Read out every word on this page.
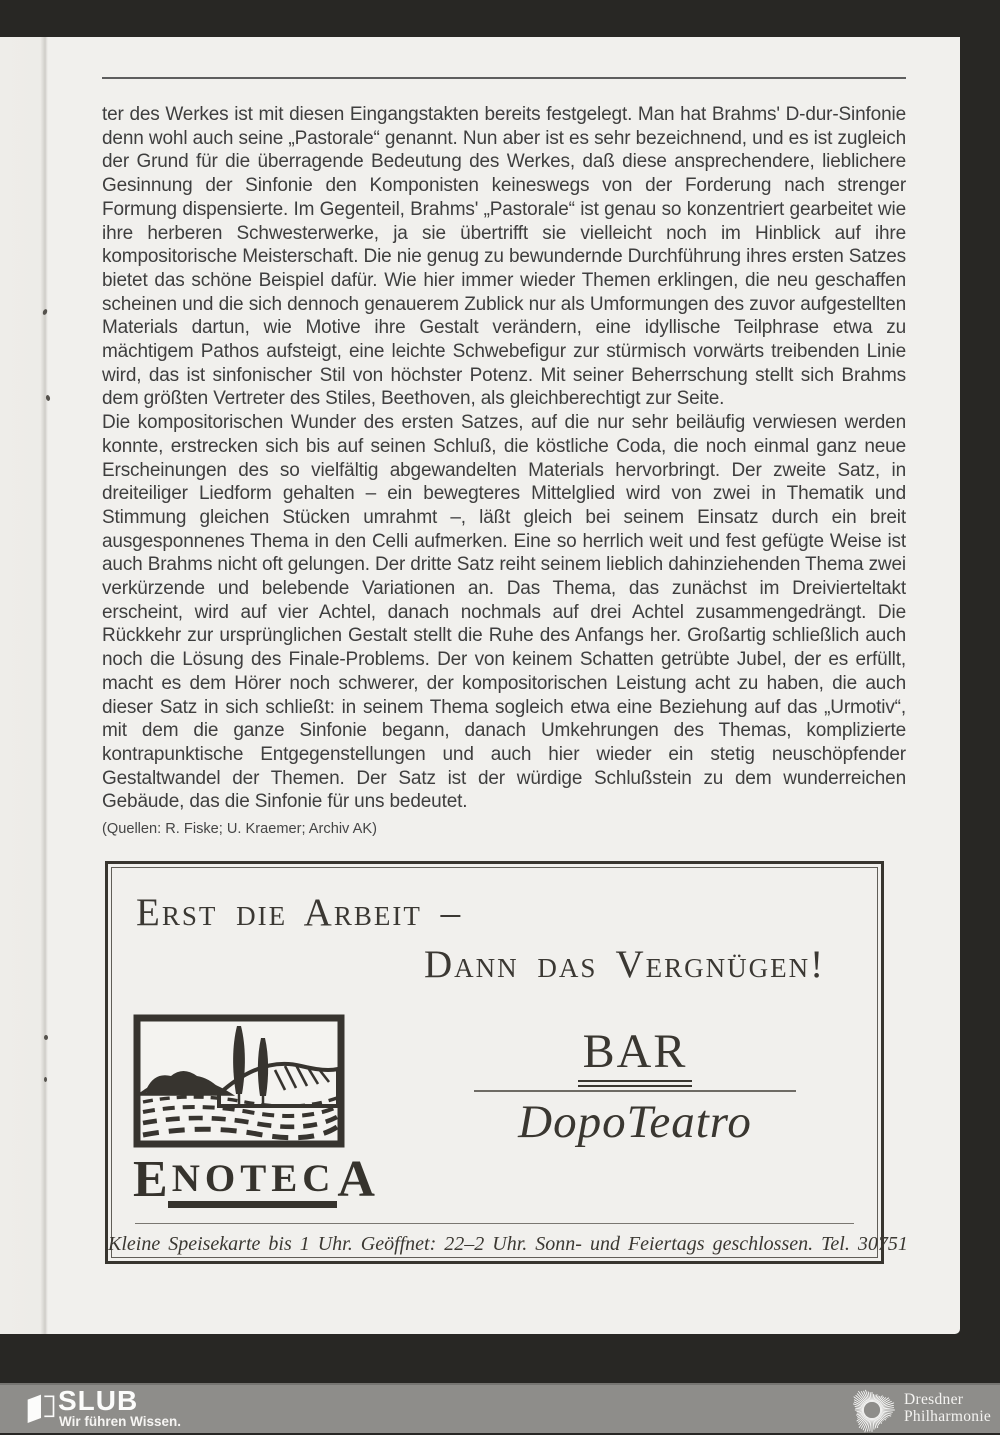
ter des Werkes ist mit diesen Eingangstakten bereits festgelegt. Man hat Brahms' D-dur-Sinfonie denn wohl auch seine „Pastorale“ genannt. Nun aber ist es sehr bezeichnend, und es ist zugleich der Grund für die überragende Bedeutung des Werkes, daß diese ansprechendere, lieblichere Gesinnung der Sinfonie den Komponisten keineswegs von der Forderung nach strenger Formung dispensierte. Im Gegenteil, Brahms' „Pastorale“ ist genau so konzentriert gearbeitet wie ihre herberen Schwesterwerke, ja sie übertrifft sie vielleicht noch im Hinblick auf ihre kompositorische Meisterschaft. Die nie genug zu bewundernde Durchführung ihres ersten Satzes bietet das schöne Beispiel dafür. Wie hier immer wieder Themen erklingen, die neu geschaffen scheinen und die sich dennoch genauerem Zublick nur als Umformungen des zuvor aufgestellten Materials dartun, wie Motive ihre Gestalt verändern, eine idyllische Teilphrase etwa zu mächtigem Pathos aufsteigt, eine leichte Schwebefigur zur stürmisch vorwärts treibenden Linie wird, das ist sinfonischer Stil von höchster Potenz. Mit seiner Beherrschung stellt sich Brahms dem größten Vertreter des Stiles, Beethoven, als gleichberechtigt zur Seite.

Die kompositorischen Wunder des ersten Satzes, auf die nur sehr beiläufig verwiesen werden konnte, erstrecken sich bis auf seinen Schluß, die köstliche Coda, die noch einmal ganz neue Erscheinungen des so vielfältig abgewandelten Materials hervorbringt. Der zweite Satz, in dreiteiliger Liedform gehalten – ein bewegteres Mittelglied wird von zwei in Thematik und Stimmung gleichen Stücken umrahmt –, läßt gleich bei seinem Einsatz durch ein breit ausgesponnenes Thema in den Celli aufmerken. Eine so herrlich weit und fest gefügte Weise ist auch Brahms nicht oft gelungen. Der dritte Satz reiht seinem lieblich dahinziehenden Thema zwei verkürzende und belebende Variationen an. Das Thema, das zunächst im Dreivierteltakt erscheint, wird auf vier Achtel, danach nochmals auf drei Achtel zusammengedrängt. Die Rückkehr zur ursprünglichen Gestalt stellt die Ruhe des Anfangs her. Großartig schließlich auch noch die Lösung des Finale-Problems. Der von keinem Schatten getrübte Jubel, der es erfüllt, macht es dem Hörer noch schwerer, der kompositorischen Leistung acht zu haben, die auch dieser Satz in sich schließt: in seinem Thema sogleich etwa eine Beziehung auf das „Urmotiv“, mit dem die ganze Sinfonie begann, danach Umkehrungen des Themas, komplizierte kontrapunktische Entgegenstellungen und auch hier wieder ein stetig neuschöpfender Gestaltwandel der Themen. Der Satz ist der würdige Schlußstein zu dem wunderreichen Gebäude, das die Sinfonie für uns bedeutet.

(Quellen: R. Fiske; U. Kraemer; Archiv AK)
Erst die Arbeit –
Dann das Vergnügen!
E NOTECA
BAR
DopoTeatro
Kleine Speisekarte bis 1 Uhr. Geöffnet: 22–2 Uhr. Sonn- und Feiertags geschlossen. Tel. 30751
SLUB
Wir führen Wissen.
Dresdner
Philharmonie
